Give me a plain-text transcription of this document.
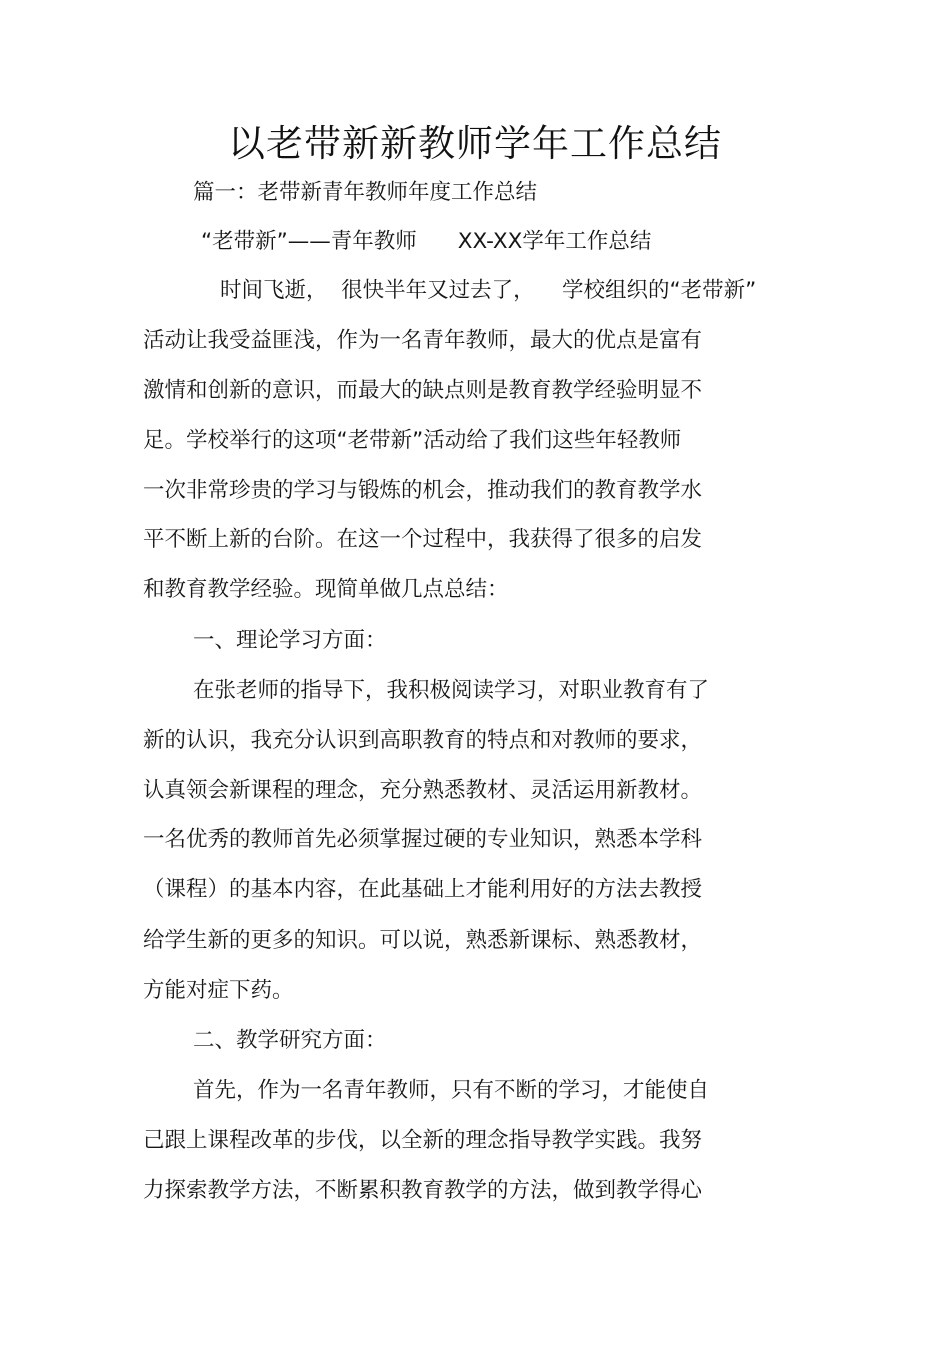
以老带新新教师学年工作总结
篇一：老带新青年教师年度工作总结
“老带新”——青年教师      XX-XX学年工作总结
时间飞逝，  很快半年又过去了，    学校组织的“老带新”
活动让我受益匪浅，作为一名青年教师，最大的优点是富有
激情和创新的意识，而最大的缺点则是教育教学经验明显不
足。学校举行的这项“老带新”活动给了我们这些年轻教师
一次非常珍贵的学习与锻炼的机会，推动我们的教育教学水
平不断上新的台阶。在这一个过程中，我获得了很多的启发
和教育教学经验。现简单做几点总结：
一、理论学习方面：
在张老师的指导下，我积极阅读学习，对职业教育有了
新的认识，我充分认识到高职教育的特点和对教师的要求，
认真领会新课程的理念，充分熟悉教材、灵活运用新教材。
一名优秀的教师首先必须掌握过硬的专业知识，熟悉本学科
（课程）的基本内容，在此基础上才能利用好的方法去教授
给学生新的更多的知识。可以说，熟悉新课标、熟悉教材，
方能对症下药。
二、教学研究方面：
首先，作为一名青年教师，只有不断的学习，才能使自
己跟上课程改革的步伐，以全新的理念指导教学实践。我努
力探索教学方法，不断累积教育教学的方法，做到教学得心
